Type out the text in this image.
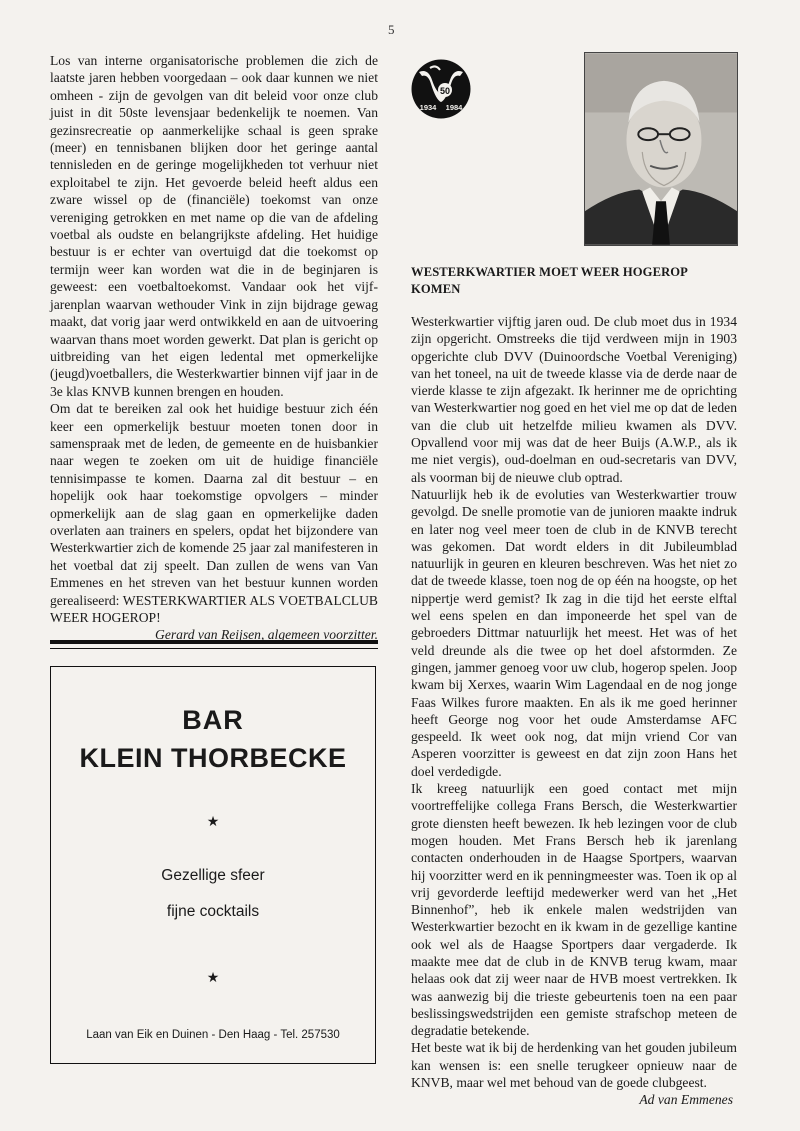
5

Los van interne organisatorische problemen die zich de laatste jaren hebben voorgedaan – ook daar kunnen we niet omheen - zijn de gevolgen van dit beleid voor onze club juist in dit 50ste levensjaar bedenkelijk te noemen. Van gezinsrecreatie op aanmerkelijke schaal is geen sprake (meer) en tennisbanen blijken door het geringe aantal tennisleden en de geringe mogelijkheden tot verhuur niet exploitabel te zijn. Het gevoerde beleid heeft aldus een zware wissel op de (financiële) toekomst van onze vereniging getrokken en met name op die van de afdeling voetbal als oudste en belangrijkste afdeling. Het huidige bestuur is er echter van overtuigd dat die toekomst op termijn weer kan worden wat die in de beginjaren is geweest: een voetbaltoekomst. Vandaar ook het vijf-jarenplan waarvan wethouder Vink in zijn bijdrage gewag maakt, dat vorig jaar werd ontwikkeld en aan de uitvoering waarvan thans moet worden gewerkt. Dat plan is gericht op uitbreiding van het eigen ledental met opmerkelijke (jeugd)voetballers, die Westerkwartier binnen vijf jaar in de 3e klas KNVB kunnen brengen en houden.

Om dat te bereiken zal ook het huidige bestuur zich één keer een opmerkelijk bestuur moeten tonen door in samenspraak met de leden, de gemeente en de huisbankier naar wegen te zoeken om uit de huidige financiële tennisimpasse te komen. Daarna zal dit bestuur – en hopelijk ook haar toekomstige opvolgers – minder opmerkelijk aan de slag gaan en opmerkelijke daden overlaten aan trainers en spelers, opdat het bijzondere van Westerkwartier zich de komende 25 jaar zal manifesteren in het voetbal dat zij speelt. Dan zullen de wens van Van Emmenes en het streven van het bestuur kunnen worden gerealiseerd: WESTERKWARTIER ALS VOETBALCLUB WEER HOGEROP!

Gerard van Reijsen, algemeen voorzitter.
BAR
KLEIN THORBECKE
★
Gezellige sfeer
fijne cocktails
★
Laan van Eik en Duinen - Den Haag - Tel. 257530
50
1934 1984
WESTERKWARTIER MOET WEER HOGEROP KOMEN

Westerkwartier vijftig jaren oud. De club moet dus in 1934 zijn opgericht. Omstreeks die tijd verdween mijn in 1903 opgerichte club DVV (Duinoordsche Voetbal Vereniging) van het toneel, na uit de tweede klasse via de derde naar de vierde klasse te zijn afgezakt. Ik herinner me de oprichting van Westerkwartier nog goed en het viel me op dat de leden van die club uit hetzelfde milieu kwamen als DVV. Opvallend voor mij was dat de heer Buijs (A.W.P., als ik me niet vergis), oud-doelman en oud-secretaris van DVV, als voorman bij de nieuwe club optrad.

Natuurlijk heb ik de evoluties van Westerkwartier trouw gevolgd. De snelle promotie van de junioren maakte indruk en later nog veel meer toen de club in de KNVB terecht was gekomen. Dat wordt elders in dit Jubileumblad natuurlijk in geuren en kleuren beschreven. Was het niet zo dat de tweede klasse, toen nog de op één na hoogste, op het nippertje werd gemist? Ik zag in die tijd het eerste elftal wel eens spelen en dan imponeerde het spel van de gebroeders Dittmar natuurlijk het meest. Het was of het veld dreunde als die twee op het doel afstormden. Ze gingen, jammer genoeg voor uw club, hogerop spelen. Joop kwam bij Xerxes, waarin Wim Lagendaal en de nog jonge Faas Wilkes furore maakten. En als ik me goed herinner heeft George nog voor het oude Amsterdamse AFC gespeeld. Ik weet ook nog, dat mijn vriend Cor van Asperen voorzitter is geweest en dat zijn zoon Hans het doel verdedigde.

Ik kreeg natuurlijk een goed contact met mijn voortreffelijke collega Frans Bersch, die Westerkwartier grote diensten heeft bewezen. Ik heb lezingen voor de club mogen houden. Met Frans Bersch heb ik jarenlang contacten onderhouden in de Haagse Sportpers, waarvan hij voorzitter werd en ik penningmeester was. Toen ik op al vrij gevorderde leeftijd medewerker werd van het „Het Binnenhof”, heb ik enkele malen wedstrijden van Westerkwartier bezocht en ik kwam in de gezellige kantine ook wel als de Haagse Sportpers daar vergaderde. Ik maakte mee dat de club in de KNVB terug kwam, maar helaas ook dat zij weer naar de HVB moest vertrekken. Ik was aanwezig bij die trieste gebeurtenis toen na een paar beslissingswedstrijden een gemiste strafschop meteen de degradatie betekende.

Het beste wat ik bij de herdenking van het gouden jubileum kan wensen is: een snelle terugkeer opnieuw naar de KNVB, maar wel met behoud van de goede clubgeest.

Ad van Emmenes
